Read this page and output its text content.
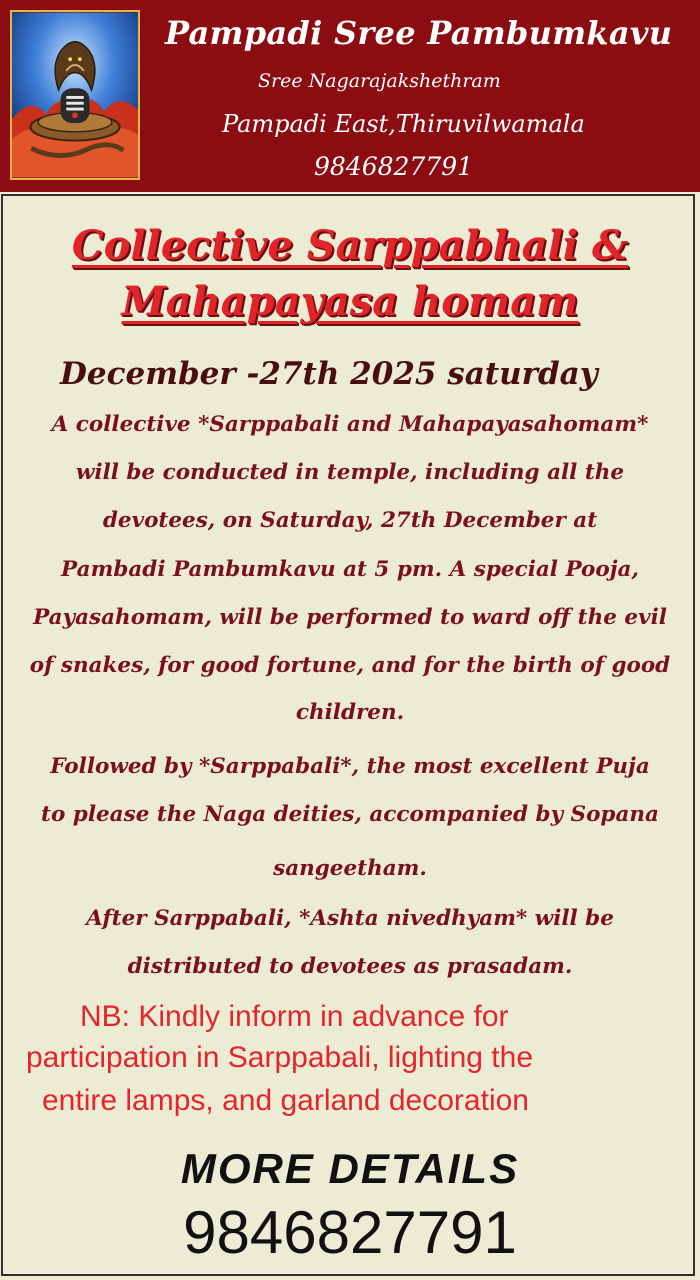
Pampadi Sree Pambumkavu
Sree Nagarajakshethram
Pampadi East,Thiruvilwamala
9846827791
Collective Sarppabhali &
Mahapayasa homam
December -27th 2025 saturday
A collective *Sarppabali and Mahapayasahomam*
will be conducted in temple, including all the
devotees, on Saturday, 27th December at
Pambadi Pambumkavu at 5 pm. A special Pooja,
Payasahomam, will be performed to ward off the evil
of snakes, for good fortune, and for the birth of good
children.
Followed by *Sarppabali*, the most excellent Puja
to please the Naga deities, accompanied by Sopana
sangeetham.
After Sarppabali, *Ashta nivedhyam* will be
distributed to devotees as prasadam.
NB: Kindly inform in advance for
participation in Sarppabali, lighting the
entire lamps, and garland decoration
MORE DETAILS
9846827791
